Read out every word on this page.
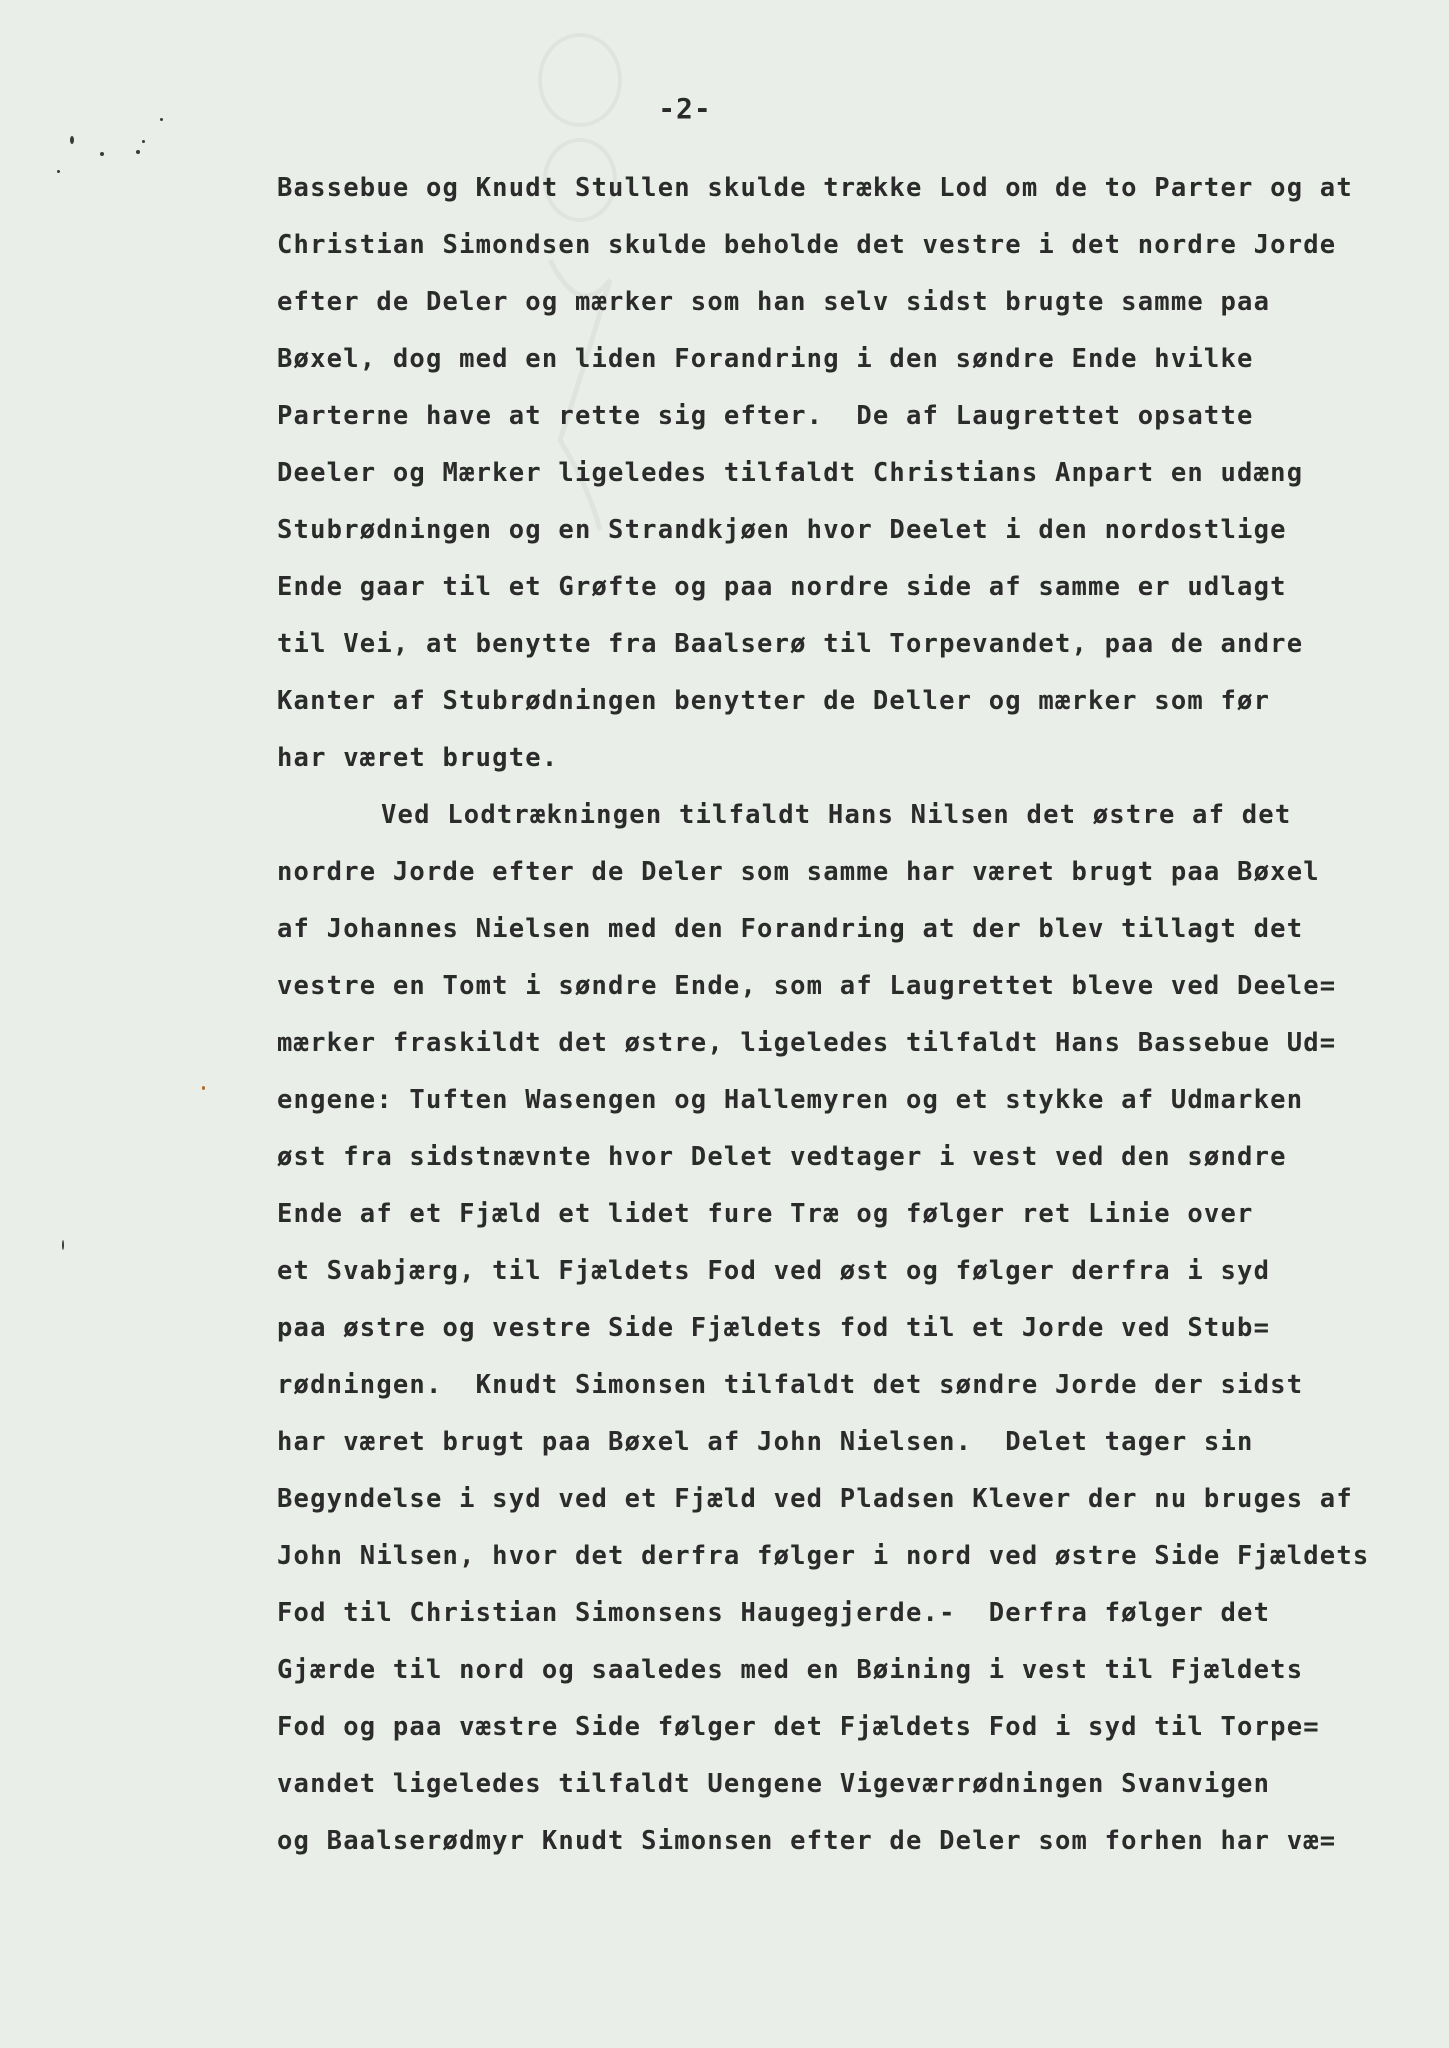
-2-
Bassebue og Knudt Stullen skulde trække Lod om de to Parter og at
Christian Simondsen skulde beholde det vestre i det nordre Jorde
efter de Deler og mærker som han selv sidst brugte samme paa
Bøxel, dog med en liden Forandring i den søndre Ende hvilke
Parterne have at rette sig efter.  De af Laugrettet opsatte
Deeler og Mærker ligeledes tilfaldt Christians Anpart en udæng
Stubrødningen og en Strandkjøen hvor Deelet i den nordostlige
Ende gaar til et Grøfte og paa nordre side af samme er udlagt
til Vei, at benytte fra Baalserø til Torpevandet, paa de andre
Kanter af Stubrødningen benytter de Deller og mærker som før
har været brugte.
Ved Lodtrækningen tilfaldt Hans Nilsen det østre af det
nordre Jorde efter de Deler som samme har været brugt paa Bøxel
af Johannes Nielsen med den Forandring at der blev tillagt det
vestre en Tomt i søndre Ende, som af Laugrettet bleve ved Deele=
mærker fraskildt det østre, ligeledes tilfaldt Hans Bassebue Ud=
engene: Tuften Wasengen og Hallemyren og et stykke af Udmarken
øst fra sidstnævnte hvor Delet vedtager i vest ved den søndre
Ende af et Fjæld et lidet fure Træ og følger ret Linie over
et Svabjærg, til Fjældets Fod ved øst og følger derfra i syd
paa østre og vestre Side Fjældets fod til et Jorde ved Stub=
rødningen.  Knudt Simonsen tilfaldt det søndre Jorde der sidst
har været brugt paa Bøxel af John Nielsen.  Delet tager sin
Begyndelse i syd ved et Fjæld ved Pladsen Klever der nu bruges af
John Nilsen, hvor det derfra følger i nord ved østre Side Fjældets
Fod til Christian Simonsens Haugegjerde.-  Derfra følger det
Gjærde til nord og saaledes med en Bøining i vest til Fjældets
Fod og paa væstre Side følger det Fjældets Fod i syd til Torpe=
vandet ligeledes tilfaldt Uengene Vigeværrødningen Svanvigen
og Baalserødmyr Knudt Simonsen efter de Deler som forhen har væ=
